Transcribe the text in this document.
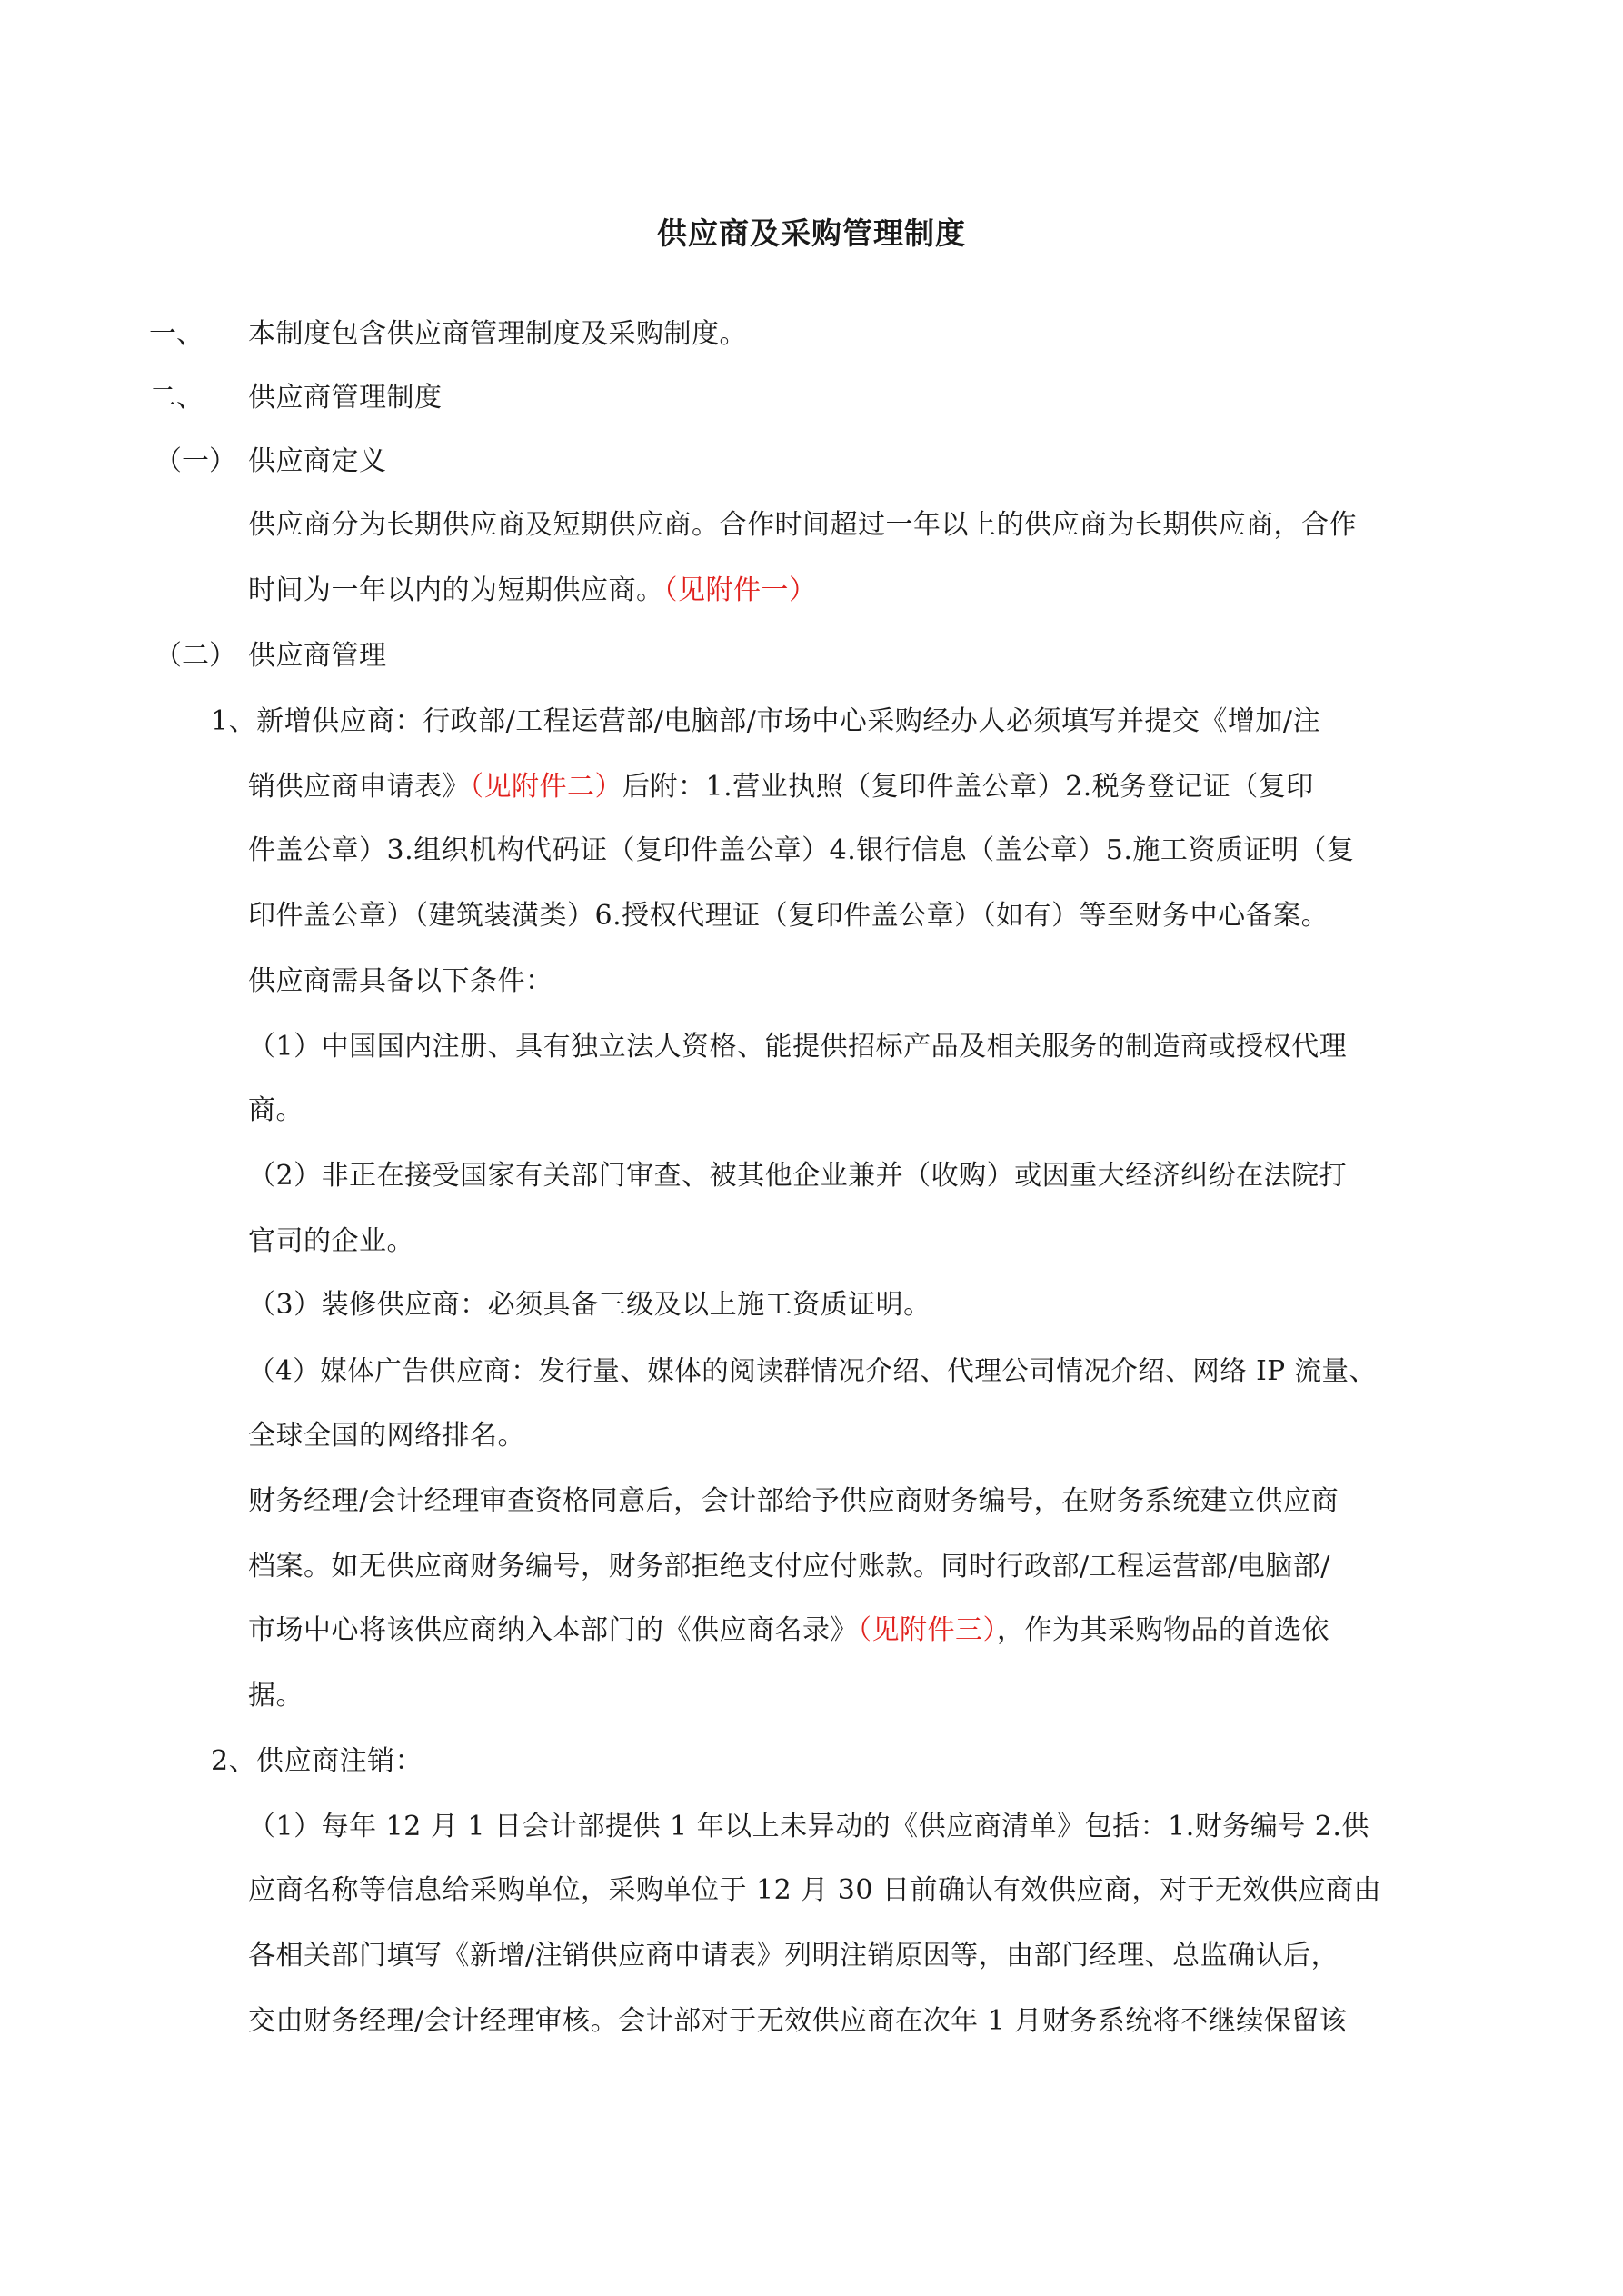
供应商及采购管理制度
一、 本制度包含供应商管理制度及采购制度。
二、 供应商管理制度
（一） 供应商定义
供应商分为长期供应商及短期供应商。合作时间超过一年以上的供应商为长期供应商，合作
时间为一年以内的为短期供应商。（见附件一）
（二） 供应商管理
1、新增供应商：行政部/工程运营部/电脑部/市场中心采购经办人必须填写并提交《增加/注
销供应商申请表》（见附件二）后附：1.营业执照（复印件盖公章）2.税务登记证（复印
件盖公章）3.组织机构代码证（复印件盖公章）4.银行信息（盖公章）5.施工资质证明（复
印件盖公章）（建筑装潢类）6.授权代理证（复印件盖公章）（如有）等至财务中心备案。
供应商需具备以下条件：
（1）中国国内注册、具有独立法人资格、能提供招标产品及相关服务的制造商或授权代理
商。
（2）非正在接受国家有关部门审查、被其他企业兼并（收购）或因重大经济纠纷在法院打
官司的企业。
（3）装修供应商：必须具备三级及以上施工资质证明。
（4）媒体广告供应商：发行量、媒体的阅读群情况介绍、代理公司情况介绍、网络 IP 流量、
全球全国的网络排名。
财务经理/会计经理审查资格同意后，会计部给予供应商财务编号，在财务系统建立供应商
档案。如无供应商财务编号，财务部拒绝支付应付账款。同时行政部/工程运营部/电脑部/
市场中心将该供应商纳入本部门的《供应商名录》（见附件三），作为其采购物品的首选依
据。
2、供应商注销：
（1）每年 12 月 1 日会计部提供 1 年以上未异动的《供应商清单》包括：1.财务编号 2.供
应商名称等信息给采购单位，采购单位于 12 月 30 日前确认有效供应商，对于无效供应商由
各相关部门填写《新增/注销供应商申请表》列明注销原因等，由部门经理、总监确认后，
交由财务经理/会计经理审核。会计部对于无效供应商在次年 1 月财务系统将不继续保留该
